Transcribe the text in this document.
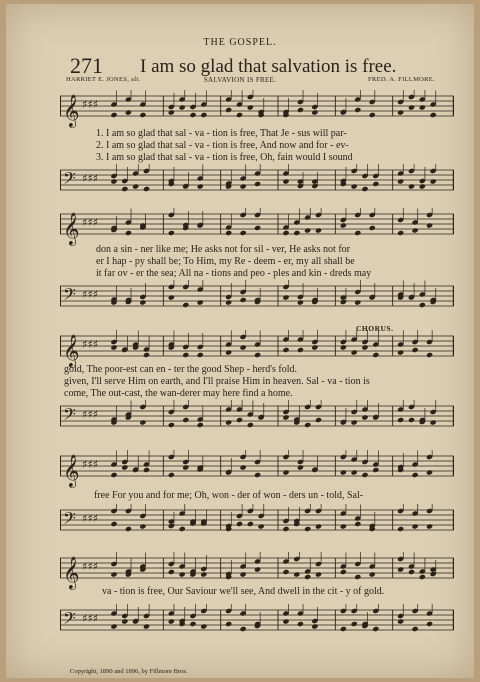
THE GOSPEL.
271 I am so glad that salvation is free.
HARRIET E. JONES, alt.	SALVAVION IS FREE.	FRED. A. FILLMORE.
𝄞 ♯♯♯
1. I am so glad that sal - va - tion is free, That Je - sus will par-
2. I am so glad that sal - va - tion is free, And now and for - ev-
3. I am so glad that sal - va - tion is free, Oh, fain would I sound
𝄢 ♯♯♯
𝄞 ♯♯♯
don a sin - ner like me; He asks not for sil - ver, He asks not for
er I hap - py shall be; To Him, my Re - deem - er, my all shall be
it far ov - er the sea; All na - tions and peo - ples and kin - dreds may
𝄢 ♯♯♯
CHORUS.
𝄞 ♯♯♯
gold, The poor-est can en - ter the good Shep - herd's fold.
given, I'll serve Him on earth, and I'll praise Him in heaven. Sal - va - tion is
come, The out-cast, the wan-derer may here find a home.
𝄢 ♯♯♯
𝄞 ♯♯♯
free For you and for me; Oh, won - der of won - ders un - told, Sal-
𝄢 ♯♯♯
𝄞 ♯♯♯
va - tion is free, Our Saviour we'll see, And dwell in the cit - y of gold.
𝄢 ♯♯♯
Copyright, 1890 and 1896, by Fillmore Bros.
